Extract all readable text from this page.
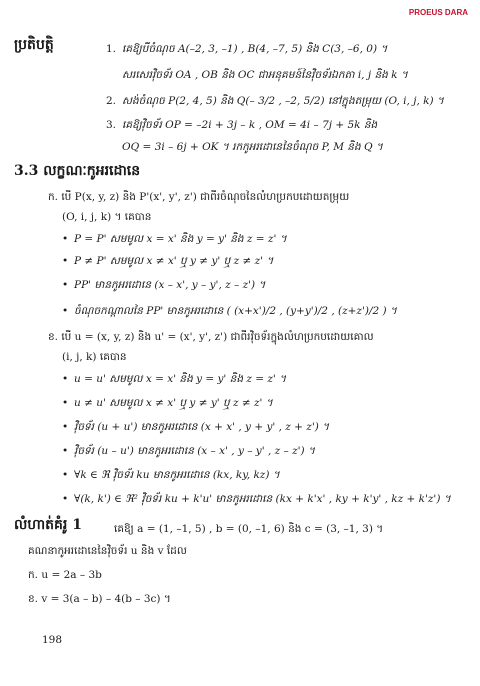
PROEUS DARA
ប្រតិបត្តិ	1. គេឱ្យបីចំណុច A(–2, 3, –1) , B(4, –7, 5) និង C(3, –6, 0) ។
សរសេរវ៉ិចទ័រ OA , OB និង OC ជាអនុគមន៍នៃវ៉ិចទ័រឯកតា i, j និង k ។
2. សង់ចំណុច P(2, 4, 5) និង Q(– 3/2 , –2, 5/2) នៅក្នុងតម្រុយ (O, i, j, k) ។
3. គេឱ្យវ៉ិចទ័រ OP = –2i + 3j – k , OM = 4i – 7j + 5k និង
OQ = 3i – 6j + OK ។ រកកូអរដោនេនៃចំណុច P, M និង Q ។
3.3 លក្ខណៈកូអរដោនេ
ក. បើ P(x, y, z) និង P'(x', y', z') ជាពីរចំណុចនៃលំហប្រកបដោយតម្រុយ
(O, i, j, k) ។ គេបាន
• P = P' សមមូល x = x' និង y = y' និង z = z' ។
• P ≠ P' សមមូល x ≠ x' ឬ y ≠ y' ឬ z ≠ z' ។
• PP' មានកូអរដោនេ (x – x', y – y', z – z') ។
• ចំណុចកណ្តាលនៃ PP' មានកូអរដោនេ ( (x+x')/2 , (y+y')/2 , (z+z')/2 ) ។
ខ. បើ u = (x, y, z) និង u' = (x', y', z') ជាពីរវ៉ិចទ័រក្នុងលំហប្រកបដោយគោល
(i, j, k) គេបាន
• u = u' សមមូល x = x' និង y = y' និង z = z' ។
• u ≠ u' សមមូល x ≠ x' ឬ y ≠ y' ឬ z ≠ z' ។
• វ៉ិចទ័រ (u + u') មានកូអរដោនេ (x + x' , y + y' , z + z') ។
• វ៉ិចទ័រ (u – u') មានកូអរដោនេ (x – x' , y – y' , z – z') ។
• ∀k ∈ ℜ វ៉ិចទ័រ ku មានកូអរដោនេ (kx, ky, kz) ។
• ∀(k, k') ∈ ℜ² វ៉ិចទ័រ ku + k'u' មានកូអរដោនេ (kx + k'x' , ky + k'y' , kz + k'z') ។
លំហាត់គំរូ 1	គេឱ្យ a = (1, –1, 5) , b = (0, –1, 6) និង c = (3, –1, 3) ។
គណនាកូអរដោនេនៃវ៉ិចទ័រ u និង v ដែល
ក. u = 2a – 3b
ខ. v = 3(a – b) – 4(b – 3c) ។
198
